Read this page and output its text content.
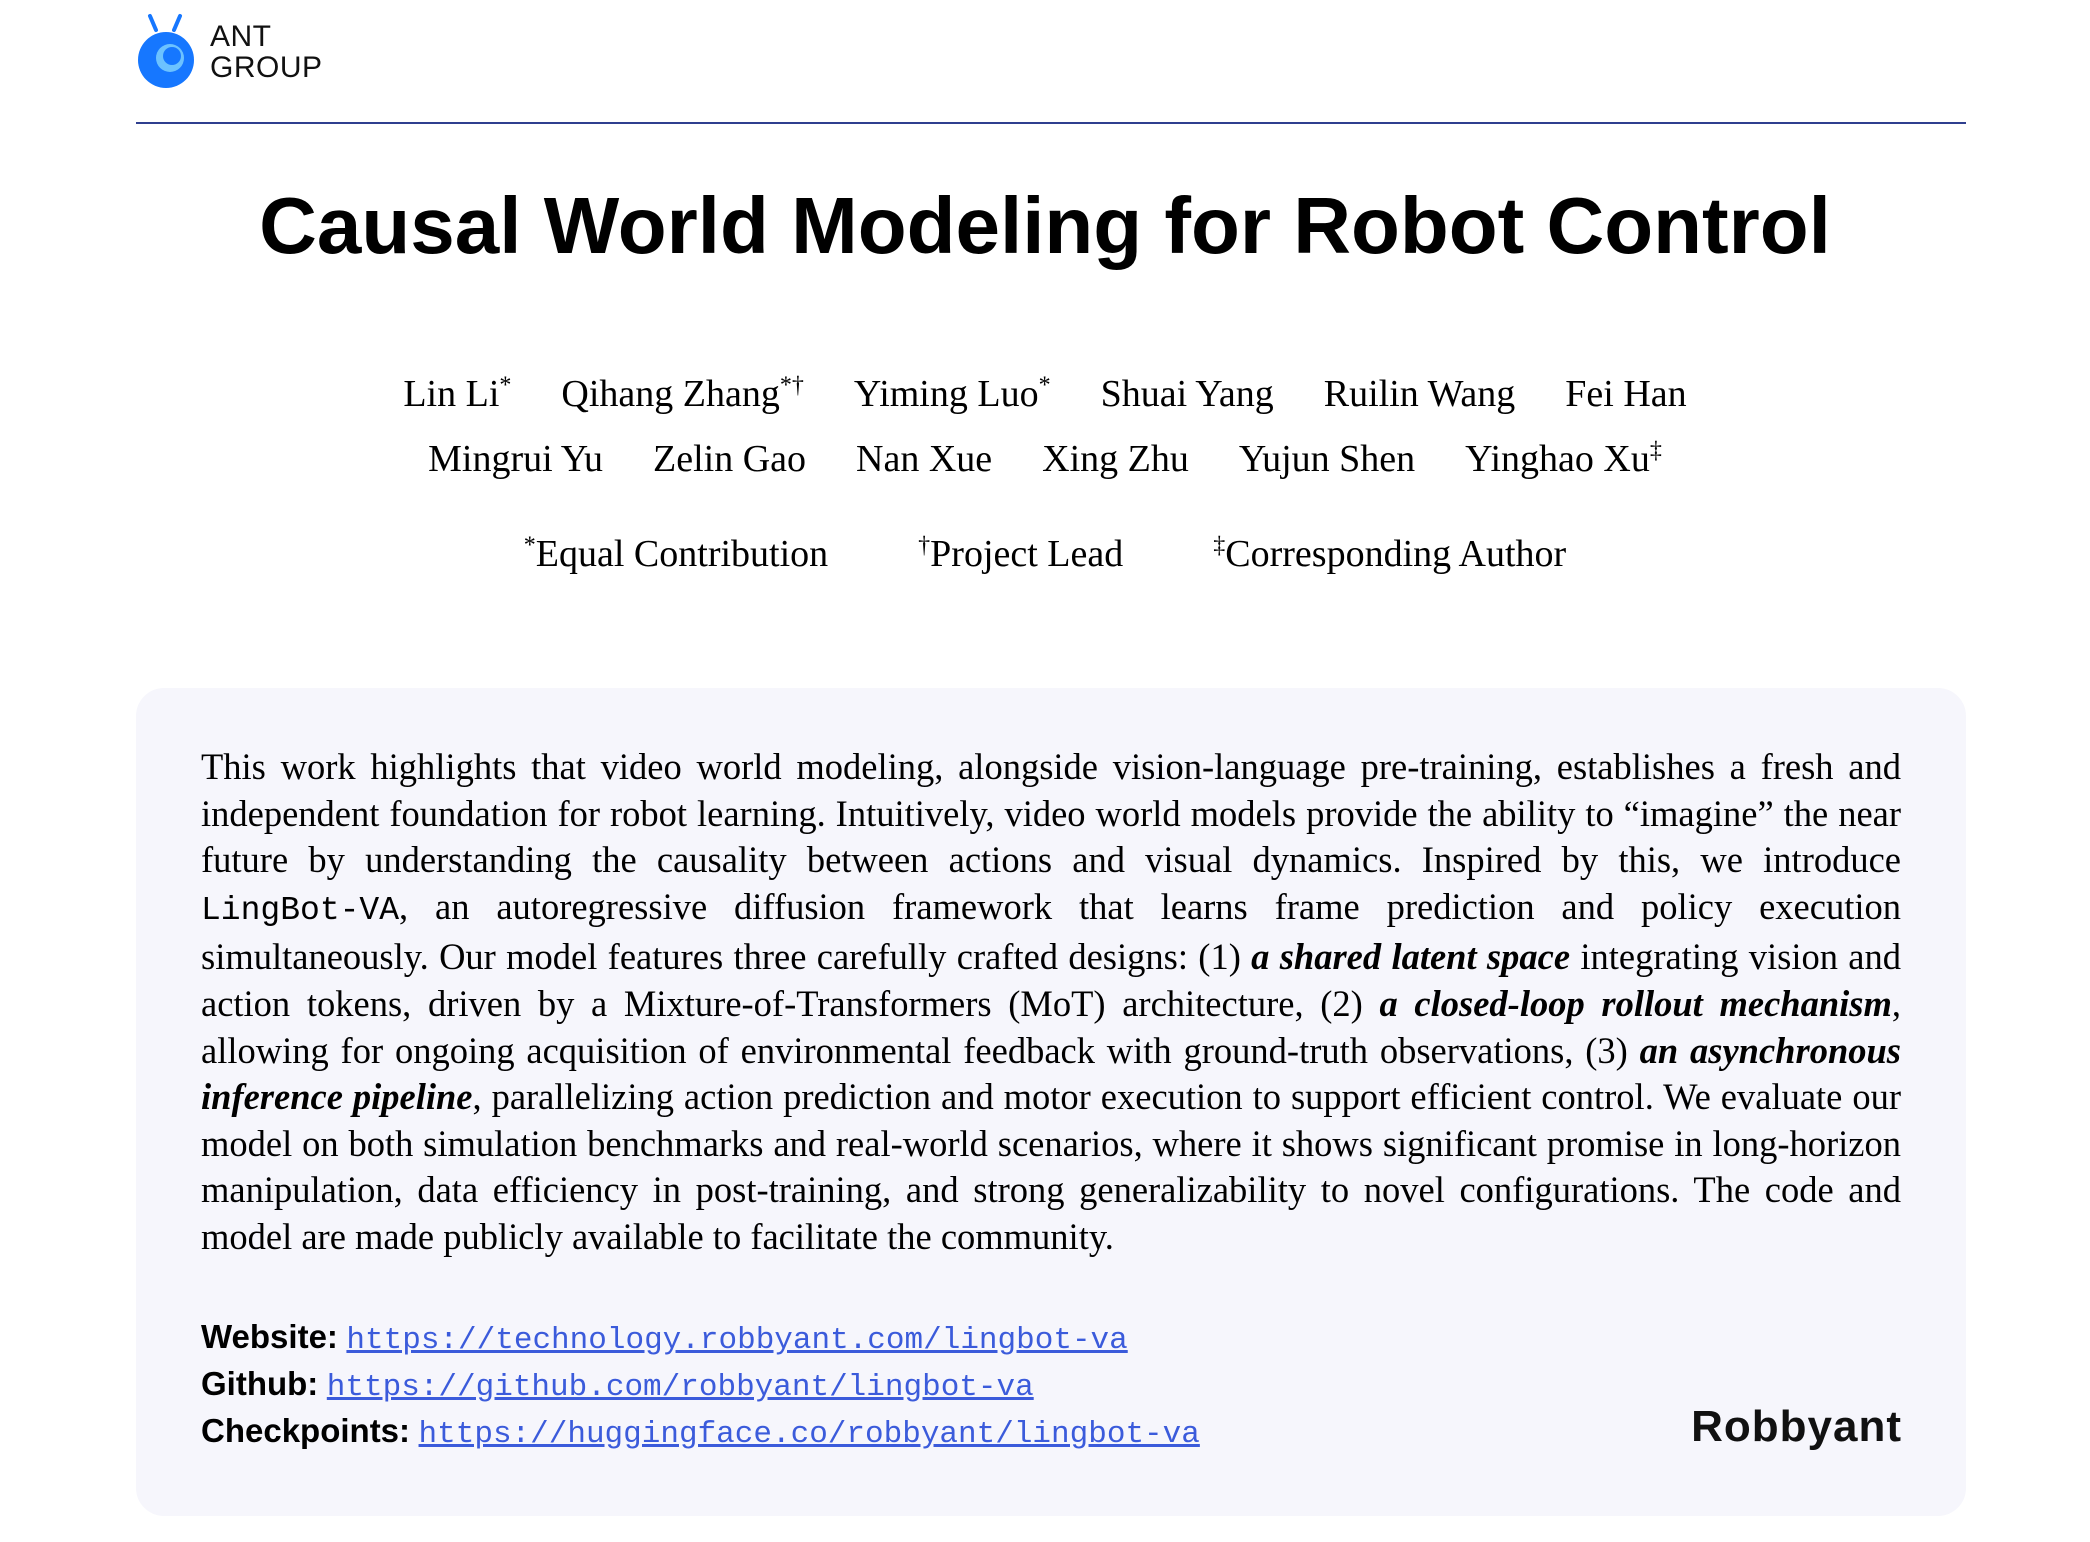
ANT
GROUP
Causal World Modeling for Robot Control
Lin Li* Qihang Zhang*† Yiming Luo* Shuai Yang Ruilin Wang Fei Han
Mingrui Yu Zelin Gao Nan Xue Xing Zhu Yujun Shen Yinghao Xu‡
*Equal Contribution	†Project Lead	‡Corresponding Author

This work highlights that video world modeling, alongside vision-language pre-training, establishes a fresh and independent foundation for robot learning. Intuitively, video world models provide the ability to “imagine” the near future by understanding the causality between actions and visual dynamics. Inspired by this, we introduce LingBot-VA, an autoregressive diffusion framework that learns frame prediction and policy execution simultaneously. Our model features three carefully crafted designs: (1) a shared latent space integrating vision and action tokens, driven by a Mixture-of-Transformers (MoT) architecture, (2) a closed-loop rollout mechanism, allowing for ongoing acquisition of environmental feedback with ground-truth observations, (3) an asynchronous inference pipeline, parallelizing action prediction and motor execution to support efficient control. We evaluate our model on both simulation benchmarks and real-world scenarios, where it shows significant promise in long-horizon manipulation, data efficiency in post-training, and strong generalizability to novel configurations. The code and model are made publicly available to facilitate the community.

Website: https://technology.robbyant.com/lingbot-va
Github: https://github.com/robbyant/lingbot-va
Checkpoints: https://huggingface.co/robbyant/lingbot-va	Robbyant
